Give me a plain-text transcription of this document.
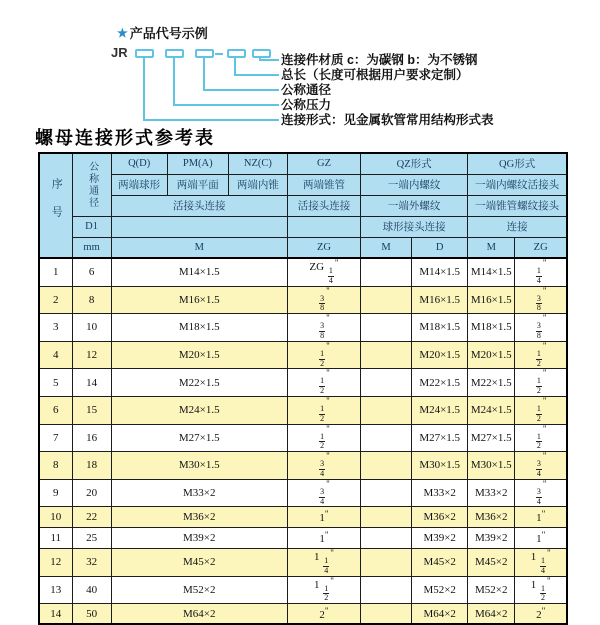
★ 产品代号示例
JR	连接件材质 c：为碳钢 b：为不锈钢
总长（长度可根据用户要求定制）
公称通径
公称压力
连接形式：见金属软管常用结构形式表
螺母连接形式参考表
序号	公称通径	Q(D)	PM(A)	NZ(C)	GZ	QZ形式		QG形式	
		两端球形	两端平面	两端内锥	两端锥管	一端内螺纹		一端内螺纹活接头	
		活接头连接			活接头连接	一端外螺纹		一端锥管螺纹接头	
	D1					球形接头连接		连接	
	mm	M			ZG	M	D	M	ZG
1	6	M14×1.5			ZG $\frac{1}{4}$
"		M14×1.5	M14×1.5	$\frac{1}{4}$
"
2	8	M16×1.5			$\frac{3}{8}$
"		M16×1.5	M16×1.5	$\frac{3}{8}$
"
3	10	M18×1.5			$\frac{3}{8}$
"		M18×1.5	M18×1.5	$\frac{3}{8}$
"
4	12	M20×1.5			$\frac{1}{2}$
"		M20×1.5	M20×1.5	$\frac{1}{2}$
"
5	14	M22×1.5			$\frac{1}{2}$
"		M22×1.5	M22×1.5	$\frac{1}{2}$
"
6	15	M24×1.5			$\frac{1}{2}$
"		M24×1.5	M24×1.5	$\frac{1}{2}$
"
7	16	M27×1.5			$\frac{1}{2}$
"		M27×1.5	M27×1.5	$\frac{1}{2}$
"
8	18	M30×1.5			$\frac{3}{4}$
"		M30×1.5	M30×1.5	$\frac{3}{4}$
"
9	20	M33×2			$\frac{3}{4}$
"		M33×2	M33×2	$\frac{3}{4}$
"
10	22	M36×2			1"		M36×2	M36×2	1"
11	25	M39×2			1"		M39×2	M39×2	1"
12	32	M45×2			$1 \frac{1}{4}$
"		M45×2	M45×2	$1 \frac{1}{4}$
"
13	40	M52×2			$1 \frac{1}{2}$
"		M52×2	M52×2	$1 \frac{1}{2}$
"
14	50	M64×2			2"		M64×2	M64×2	2"
